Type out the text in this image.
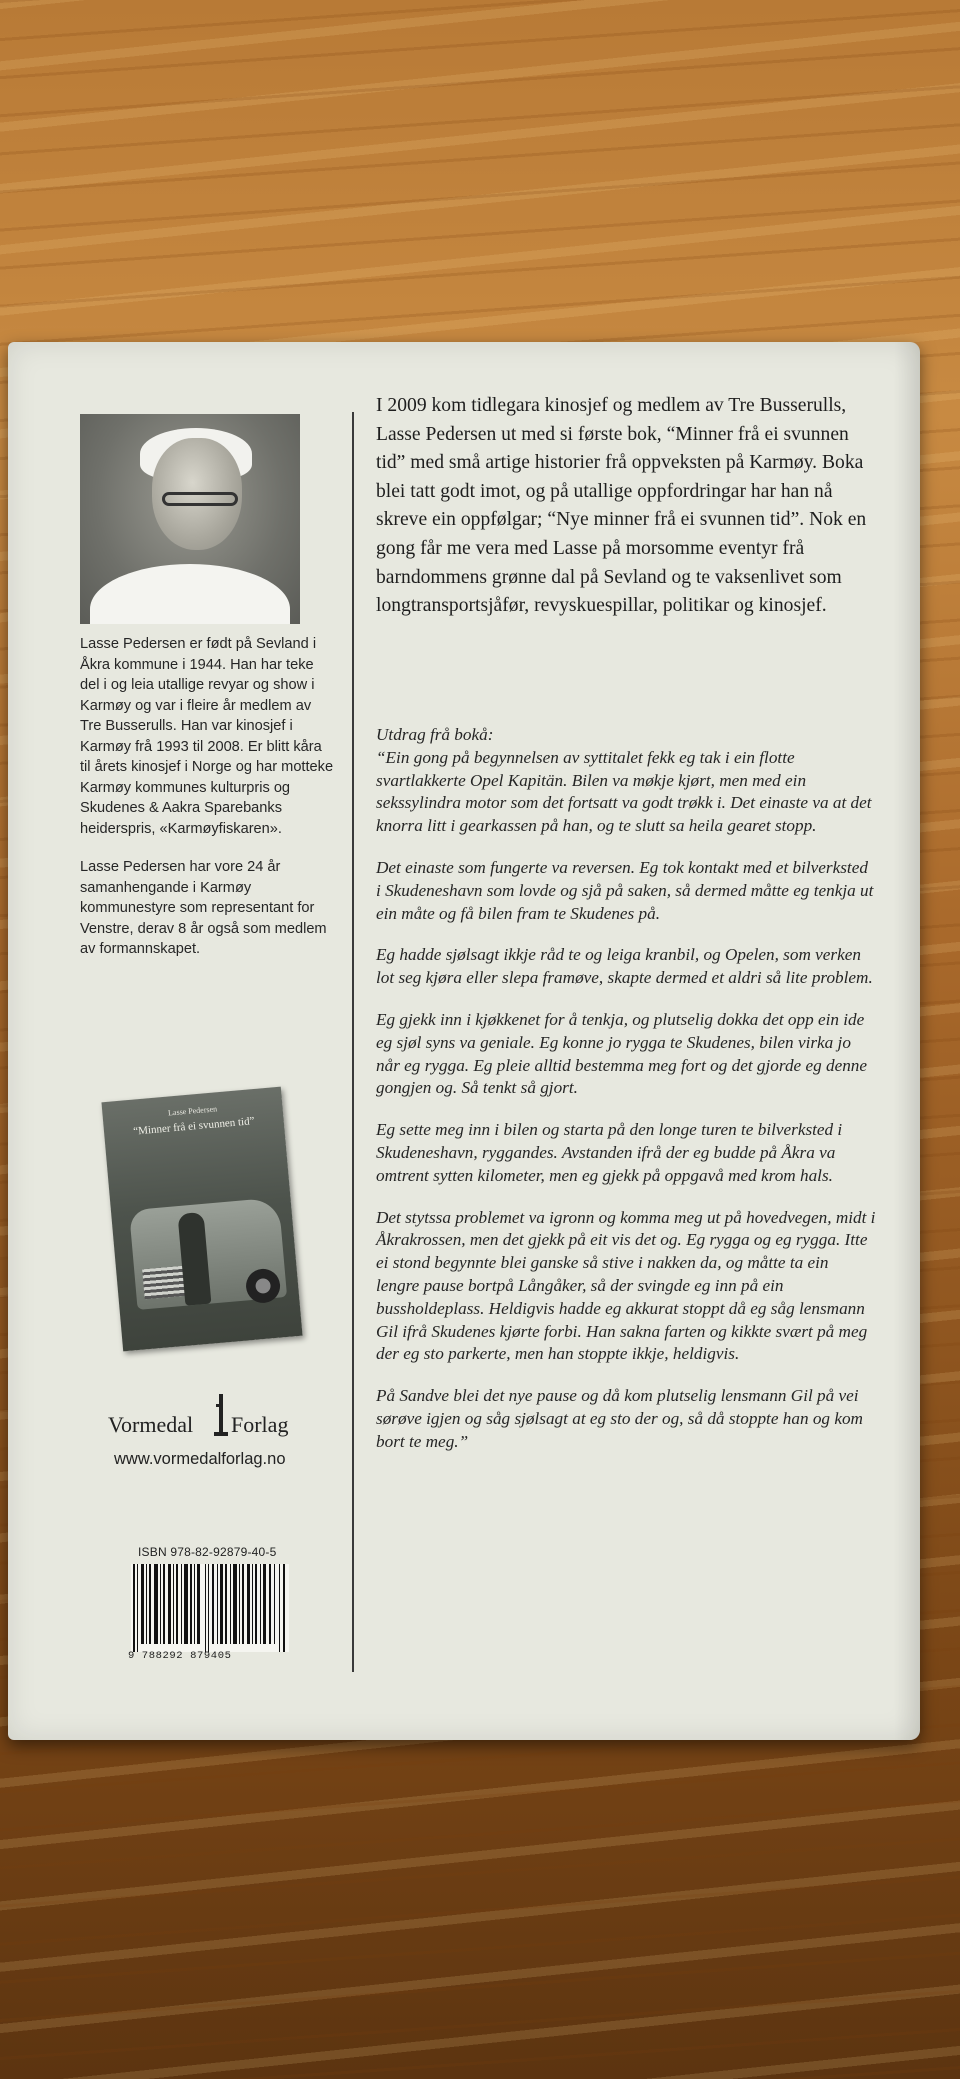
Lasse Pedersen er født på Sevland i Åkra kommune i 1944. Han har teke del i og leia utallige revyar og show i Karmøy og var i fleire år medlem av Tre Busserulls. Han var kinosjef i Karmøy frå 1993 til 2008. Er blitt kåra til årets kinosjef i Norge og har motteke Karmøy kommunes kulturpris og Skudenes & Aakra Sparebanks heiderspris, «Karmøyfiskaren».

Lasse Pedersen har vore 24 år samanhengande i Karmøy kommunestyre som representant for Venstre, derav 8 år også som medlem av formannskapet.

Lasse Pedersen
“Minner frå ei svunnen tid”
Vormedal Forlag
www.vormedalforlag.no
ISBN 978-82-92879-40-5
9 788292 879405
I 2009 kom tidlegara kinosjef og medlem av Tre Busserulls, Lasse Pedersen ut med si første bok, “Minner frå ei svunnen tid” med små artige historier frå oppveksten på Karmøy. Boka blei tatt godt imot, og på utallige oppfordringar har han nå skreve ein oppfølgar; “Nye minner frå ei svunnen tid”. Nok en gong får me vera med Lasse på morsomme eventyr frå barndommens grønne dal på Sevland og te vaksenlivet som longtransportsjåfør, revyskuespillar, politikar og kinosjef.

Utdrag frå bokå:

“Ein gong på begynnelsen av syttitalet fekk eg tak i ein flotte svartlakkerte Opel Kapitän. Bilen va møkje kjørt, men med ein sekssylindra motor som det fortsatt va godt trøkk i. Det einaste va at det knorra litt i gearkassen på han, og te slutt sa heila gearet stopp.

Det einaste som fungerte va reversen. Eg tok kontakt med et bilverksted i Skudeneshavn som lovde og sjå på saken, så dermed måtte eg tenkja ut ein måte og få bilen fram te Skudenes på.

Eg hadde sjølsagt ikkje råd te og leiga kranbil, og Opelen, som verken lot seg kjøra eller slepa framøve, skapte dermed et aldri så lite problem.

Eg gjekk inn i kjøkkenet for å tenkja, og plutselig dokka det opp ein ide eg sjøl syns va geniale. Eg konne jo rygga te Skudenes, bilen virka jo når eg rygga. Eg pleie alltid bestemma meg fort og det gjorde eg denne gongjen og. Så tenkt så gjort.

Eg sette meg inn i bilen og starta på den longe turen te bilverksted i Skudeneshavn, ryggandes. Avstanden ifrå der eg budde på Åkra va omtrent sytten kilometer, men eg gjekk på oppgavå med krom hals.

Det stytssa problemet va igronn og komma meg ut på hovedvegen, midt i Åkrakrossen, men det gjekk på eit vis det og. Eg rygga og eg rygga. Itte ei stond begynnte blei ganske så stive i nakken da, og måtte ta ein lengre pause bortpå Långåker, så der svingde eg inn på ein bussholdeplass. Heldigvis hadde eg akkurat stoppt då eg såg lensmann Gil ifrå Skudenes kjørte forbi. Han sakna farten og kikkte svært på meg der eg sto parkerte, men han stoppte ikkje, heldigvis.

På Sandve blei det nye pause og då kom plutselig lensmann Gil på vei sørøve igjen og såg sjølsagt at eg sto der og, så då stoppte han og kom bort te meg.”
